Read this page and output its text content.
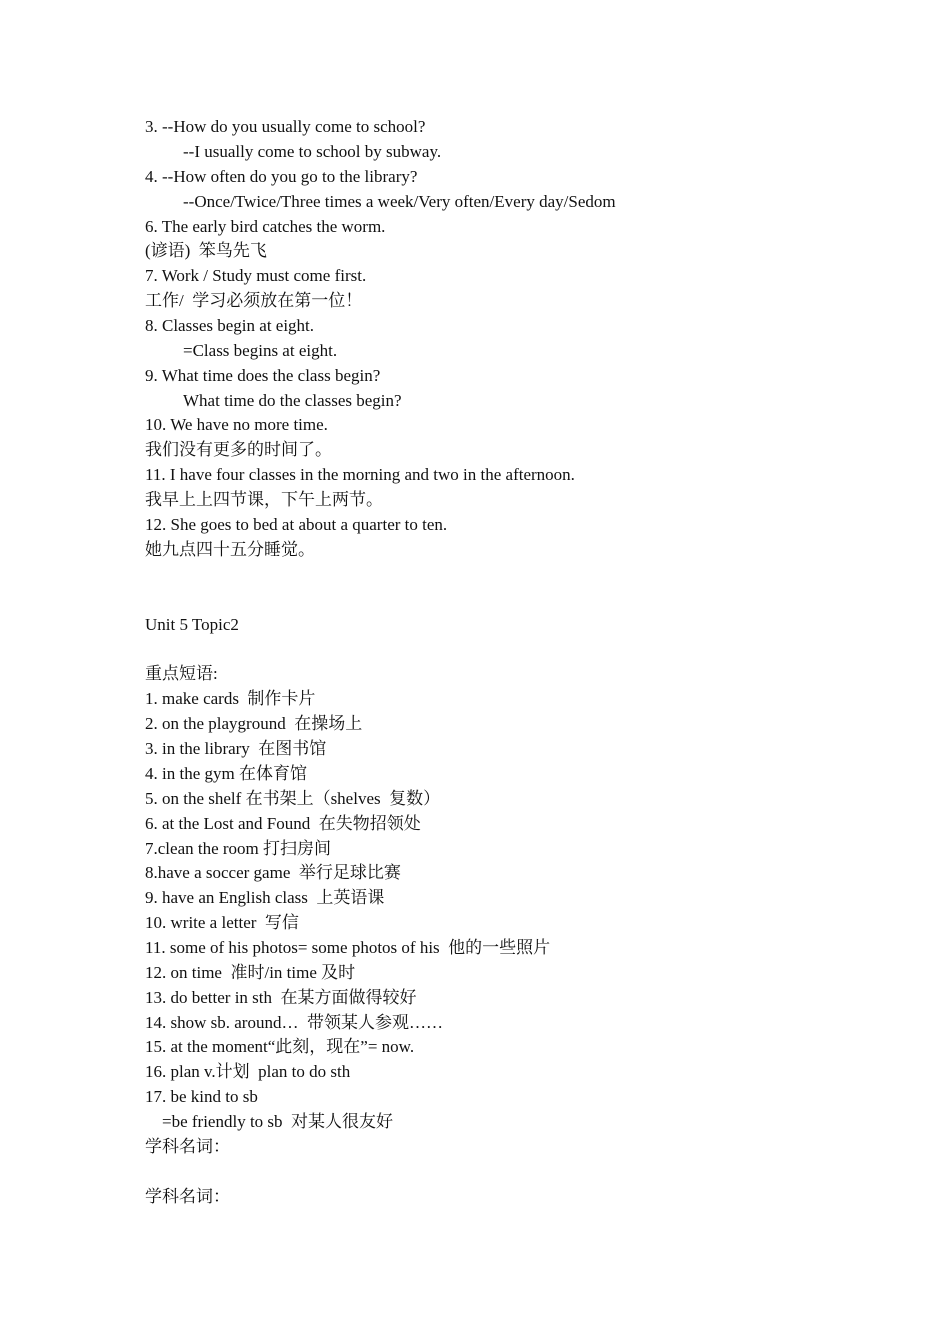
3. --How do you usually come to school?
--I usually come to school by subway.
4. --How often do you go to the library?
--Once/Twice/Three times a week/Very often/Every day/Sedom
6. The early bird catches the worm.
(谚语)  笨鸟先飞
7. Work / Study must come first.
工作/  学习必须放在第一位！
8. Classes begin at eight.
=Class begins at eight.
9. What time does the class begin?
What time do the classes begin?
10. We have no more time.
我们没有更多的时间了。
11. I have four classes in the morning and two in the afternoon.
我早上上四节课，下午上两节。
12. She goes to bed at about a quarter to ten.
她九点四十五分睡觉。
Unit 5 Topic2
重点短语:
1. make cards  制作卡片
2. on the playground  在操场上
3. in the library  在图书馆
4. in the gym 在体育馆
5. on the shelf 在书架上（shelves  复数）
6. at the Lost and Found  在失物招领处
7.clean the room 打扫房间
8.have a soccer game  举行足球比赛
9. have an English class  上英语课
10. write a letter  写信
11. some of his photos= some photos of his  他的一些照片
12. on time  准时/in time 及时
13. do better in sth  在某方面做得较好
14. show sb. around…  带领某人参观……
15. at the moment“此刻，现在”= now.
16. plan v.计划  plan to do sth
17. be kind to sb
=be friendly to sb  对某人很友好
学科名词：
学科名词：
